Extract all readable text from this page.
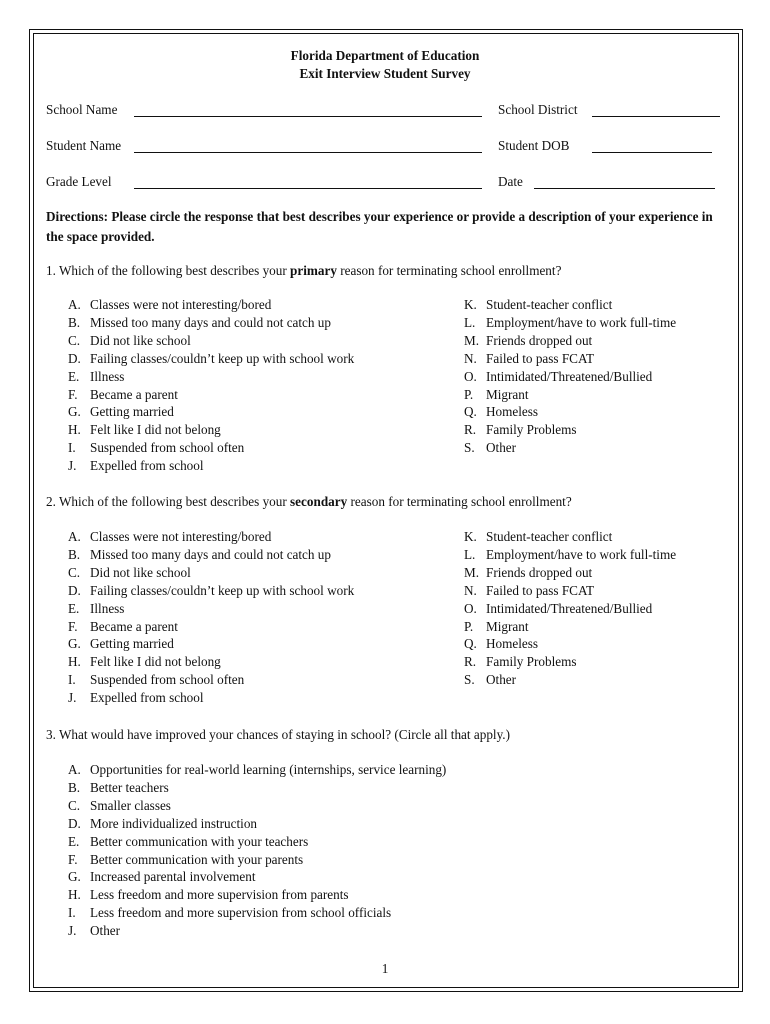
Florida Department of Education
Exit Interview Student Survey
School Name	School District
Student Name	Student DOB
Grade Level	Date
Directions: Please circle the response that best describes your experience or provide a description of your experience in the space provided.
1. Which of the following best describes your primary reason for terminating school enrollment?
A. Classes were not interesting/bored
B. Missed too many days and could not catch up
C. Did not like school
D. Failing classes/couldn’t keep up with school work
E. Illness
F. Became a parent
G. Getting married
H. Felt like I did not belong
I. Suspended from school often
J. Expelled from school
K. Student-teacher conflict
L. Employment/have to work full-time
M. Friends dropped out
N. Failed to pass FCAT
O. Intimidated/Threatened/Bullied
P. Migrant
Q. Homeless
R. Family Problems
S. Other
2. Which of the following best describes your secondary reason for terminating school enrollment?
A. Classes were not interesting/bored
B. Missed too many days and could not catch up
C. Did not like school
D. Failing classes/couldn’t keep up with school work
E. Illness
F. Became a parent
G. Getting married
H. Felt like I did not belong
I. Suspended from school often
J. Expelled from school
K. Student-teacher conflict
L. Employment/have to work full-time
M. Friends dropped out
N. Failed to pass FCAT
O. Intimidated/Threatened/Bullied
P. Migrant
Q. Homeless
R. Family Problems
S. Other
3. What would have improved your chances of staying in school? (Circle all that apply.)
A. Opportunities for real-world learning (internships, service learning)
B. Better teachers
C. Smaller classes
D. More individualized instruction
E. Better communication with your teachers
F. Better communication with your parents
G. Increased parental involvement
H. Less freedom and more supervision from parents
I. Less freedom and more supervision from school officials
J. Other
1
